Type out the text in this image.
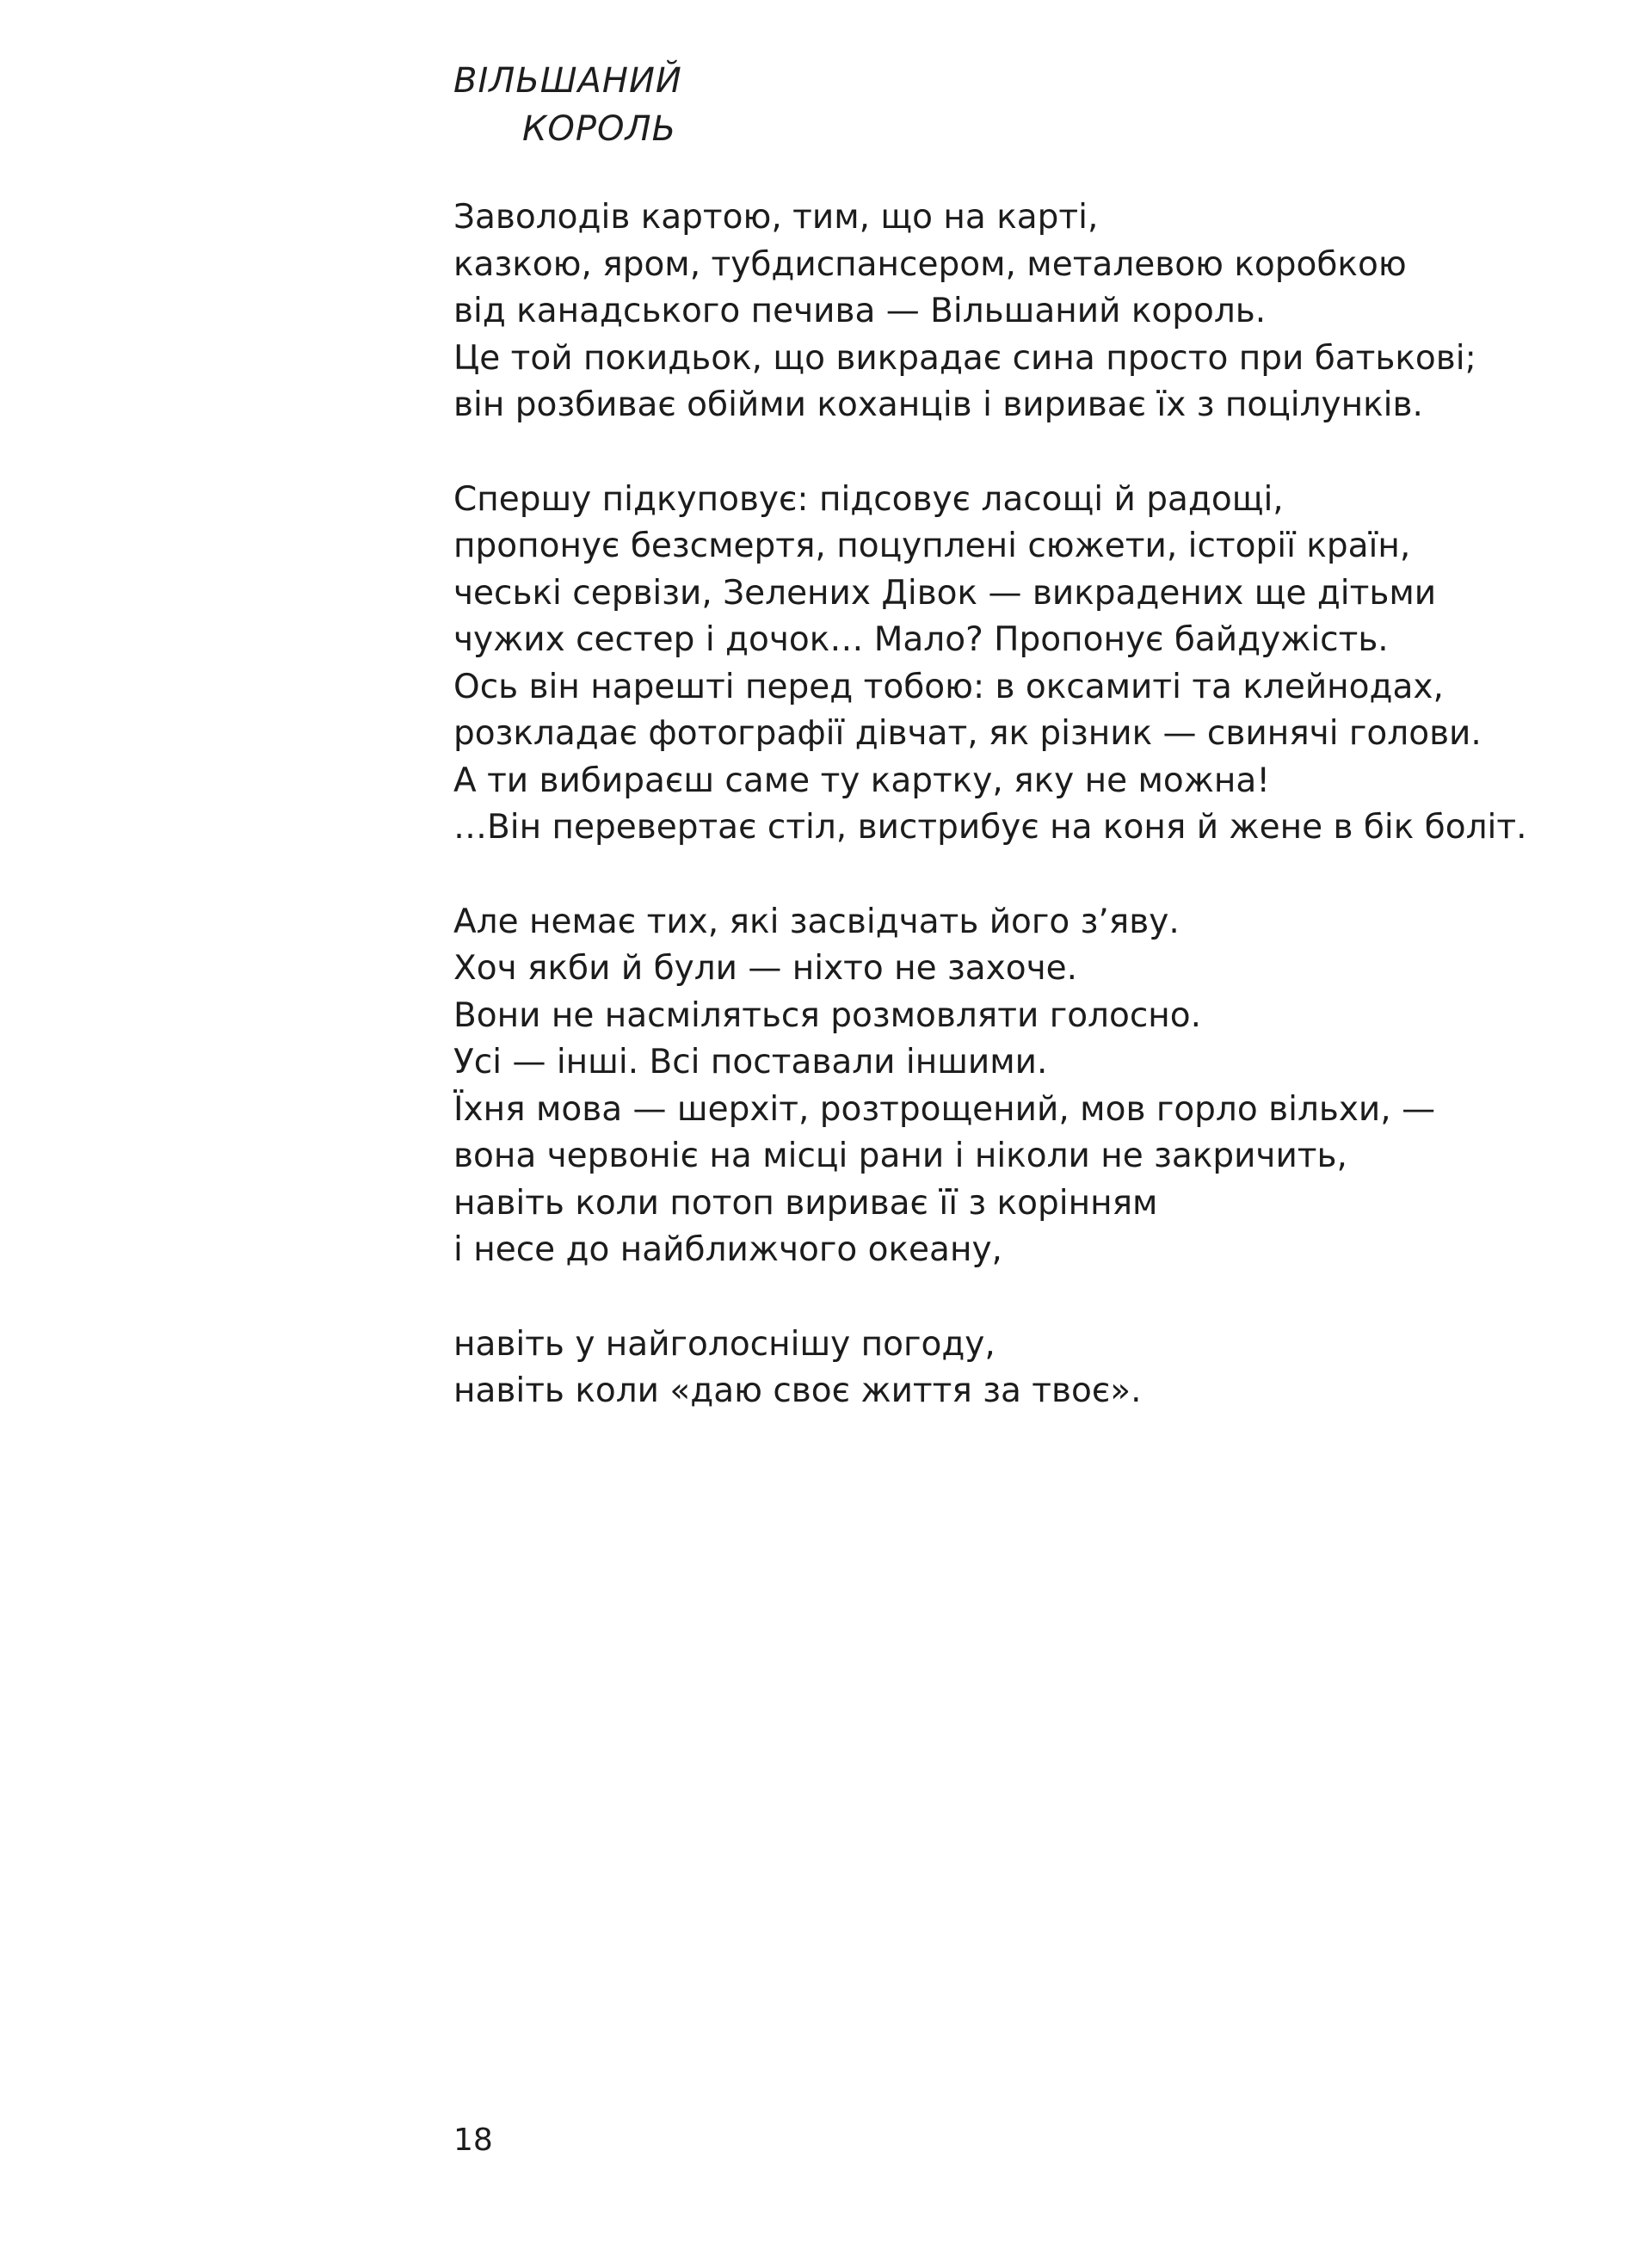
ВІЛЬШАНИЙ
КОРОЛЬ
Заволодів картою, тим, що на карті,
казкою, яром, тубдиспансером, металевою коробкою
від канадського печива — Вільшаний король.
Це той покидьок, що викрадає сина просто при батькові;
він розбиває обійми коханців і вириває їх з поцілунків.
Спершу підкуповує: підсовує ласощі й радощі,
пропонує безсмертя, поцуплені сюжети, історії країн,
чеські сервізи, Зелених Дівок — викрадених ще дітьми
чужих сестер і дочок… Мало? Пропонує байдужість.
Ось він нарешті перед тобою: в оксамиті та клейнодах,
розкладає фотографії дівчат, як різник — свинячі голови.
А ти вибираєш саме ту картку, яку не можна!
…Він перевертає стіл, вистрибує на коня й жене в бік боліт.
Але немає тих, які засвідчать його з’яву.
Хоч якби й були — ніхто не захоче.
Вони не насміляться розмовляти голосно.
Усі — інші. Всі поставали іншими.
Їхня мова — шерхіт, розтрощений, мов горло вільхи, —
вона червоніє на місці рани і ніколи не закричить,
навіть коли потоп вириває її з корінням
і несе до найближчого океану,
навіть у найголоснішу погоду,
навіть коли «даю своє життя за твоє».
18
